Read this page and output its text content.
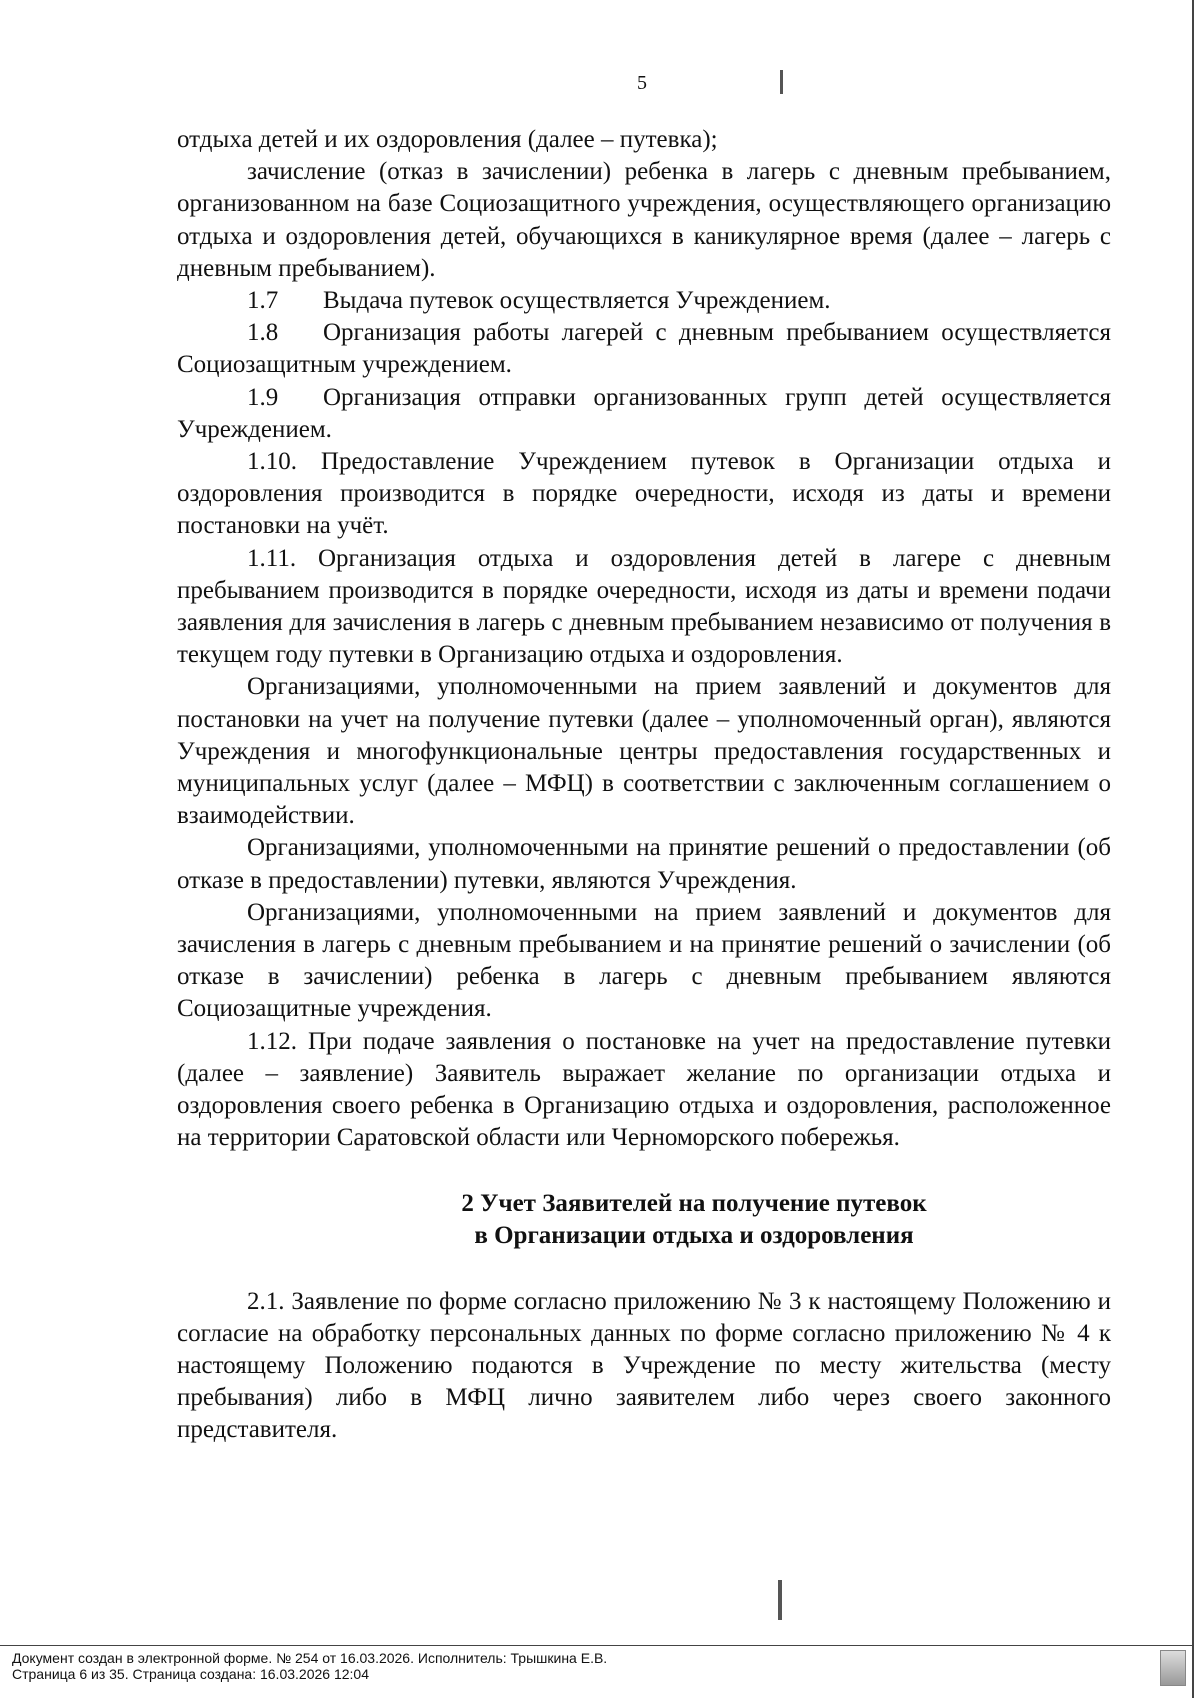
5

отдыха детей и их оздоровления (далее – путевка);

зачисление (отказ в зачислении) ребенка в лагерь с дневным пребыванием, организованном на базе Социозащитного учреждения, осуществляющего организацию отдыха и оздоровления детей, обучающихся в каникулярное время (далее – лагерь с дневным пребыванием).

1.7 Выдача путевок осуществляется Учреждением.

1.8 Организация работы лагерей с дневным пребыванием осуществляется Социозащитным учреждением.

1.9 Организация отправки организованных групп детей осуществляется Учреждением.

1.10. Предоставление Учреждением путевок в Организации отдыха и оздоровления производится в порядке очередности, исходя из даты и времени постановки на учёт.

1.11. Организация отдыха и оздоровления детей в лагере с дневным пребыванием производится в порядке очередности, исходя из даты и времени подачи заявления для зачисления в лагерь с дневным пребыванием независимо от получения в текущем году путевки в Организацию отдыха и оздоровления.

Организациями, уполномоченными на прием заявлений и документов для постановки на учет на получение путевки (далее – уполномоченный орган), являются Учреждения и многофункциональные центры предоставления государственных и муниципальных услуг (далее – МФЦ) в соответствии с заключенным соглашением о взаимодействии.

Организациями, уполномоченными на принятие решений о предоставлении (об отказе в предоставлении) путевки, являются Учреждения.

Организациями, уполномоченными на прием заявлений и документов для зачисления в лагерь с дневным пребыванием и на принятие решений о зачислении (об отказе в зачислении) ребенка в лагерь с дневным пребыванием являются Социозащитные учреждения.

1.12. При подаче заявления о постановке на учет на предоставление путевки (далее – заявление) Заявитель выражает желание по организации отдыха и оздоровления своего ребенка в Организацию отдыха и оздоровления, расположенное на территории Саратовской области или Черноморского побережья.

2 Учет Заявителей на получение путевок
в Организации отдыха и оздоровления

2.1. Заявление по форме согласно приложению № 3 к настоящему Положению и согласие на обработку персональных данных по форме согласно приложению № 4 к настоящему Положению подаются в Учреждение по месту жительства (месту пребывания) либо в МФЦ лично заявителем либо через своего законного представителя.

Документ создан в электронной форме. № 254 от 16.03.2026. Исполнитель: Трышкина Е.В.
Страница 6 из 35. Страница создана: 16.03.2026 12:04
